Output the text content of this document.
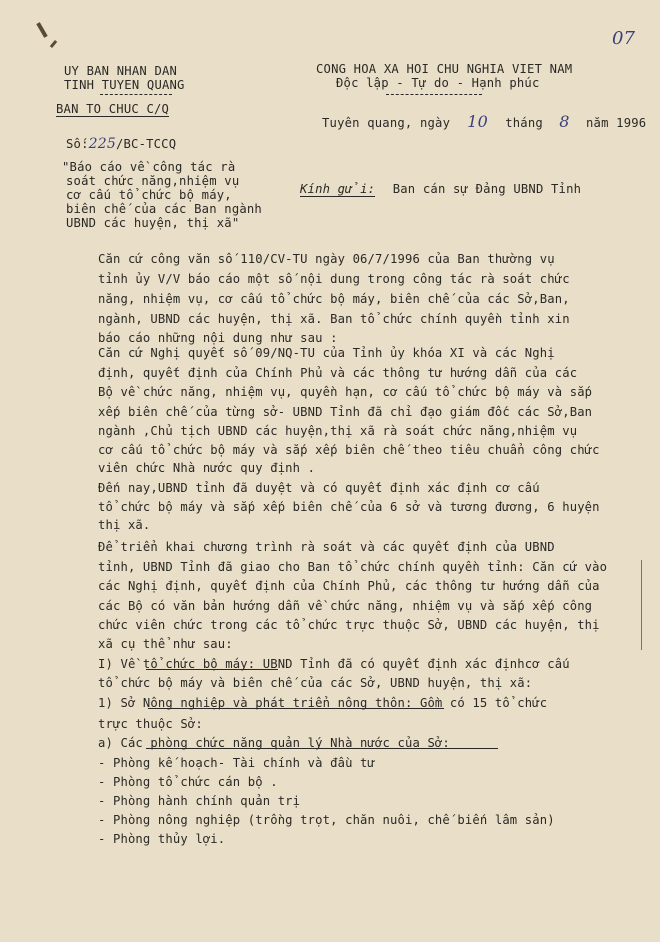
07
UY BAN NHAN DAN
TINH TUYEN QUANG
BAN TO CHUC C/Q
Số:225/BC-TCCQ
"Báo cáo về công tác rà
soát chức năng,nhiệm vụ
cơ cấu tổ chức bộ máy,
biên chế của các Ban ngành
UBND các huyện, thị xã"
CONG HOA XA HOI CHU NGHIA VIET NAM
Độc lập - Tự do - Hạnh phúc
Tuyên quang, ngày 10 tháng 8 năm 1996
Kính gửi: Ban cán sự Đảng UBND Tỉnh
Căn cứ công văn số 110/CV-TU ngày 06/7/1996 của Ban thường vụ
tỉnh ủy V/V báo cáo một số nội dung trong công tác rà soát chức
năng, nhiệm vụ, cơ cấu tổ chức bộ máy, biên chế của các Sở,Ban,
ngành, UBND các huyện, thị xã. Ban tổ chức chính quyền tỉnh xin
báo cáo những nội dung như sau :
Căn cứ Nghị quyết số 09/NQ-TU của Tỉnh ủy khóa XI và các Nghị
định, quyết định của Chính Phủ và các thông tư hướng dẫn của các
Bộ về chức năng, nhiệm vụ, quyền hạn, cơ cấu tổ chức bộ máy và sắp
xếp biên chế của từng sở- UBND Tỉnh đã chỉ đạo giám đốc các Sở,Ban
ngành ,Chủ tịch UBND các huyện,thị xã rà soát chức năng,nhiệm vụ
cơ cấu tổ chức bộ máy và sắp xếp biên chế theo tiêu chuẩn công chức
viên chức Nhà nước quy định .
Đến nay,UBND tỉnh đã duyệt và có quyết định xác định cơ cấu
tổ chức bộ máy và sắp xếp biên chế của 6 sở và tương đương, 6 huyện
thị xã.
Để triển khai chương trình rà soát và các quyết định của UBND
tỉnh, UBND Tỉnh đã giao cho Ban tổ chức chính quyền tỉnh: Căn cứ vào
các Nghị định, quyết định của Chính Phủ, các thông tư hướng dẫn của
các Bộ có văn bản hướng dẫn về chức năng, nhiệm vụ và sắp xếp công
chức viên chức trong các tổ chức trực thuộc Sở, UBND các huyện, thị
xã cụ thể như sau:
I) Về tổ chức bộ máy: UBND Tỉnh đã có quyết định xác địnhcơ cấu
tổ chức bộ máy và biên chế của các Sở, UBND huyện, thị xã:
1) Sở Nông nghiệp và phát triển nông thôn: Gồm có 15 tổ chức
trực thuộc Sở:
a) Các phòng chức năng quản lý Nhà nước của Sở:
- Phòng kế hoạch- Tài chính và đầu tư
- Phòng tổ chức cán bộ .
- Phòng hành chính quản trị
- Phòng nông nghiệp (trồng trọt, chăn nuôi, chế biến lâm sản)
- Phòng thủy lợi.
